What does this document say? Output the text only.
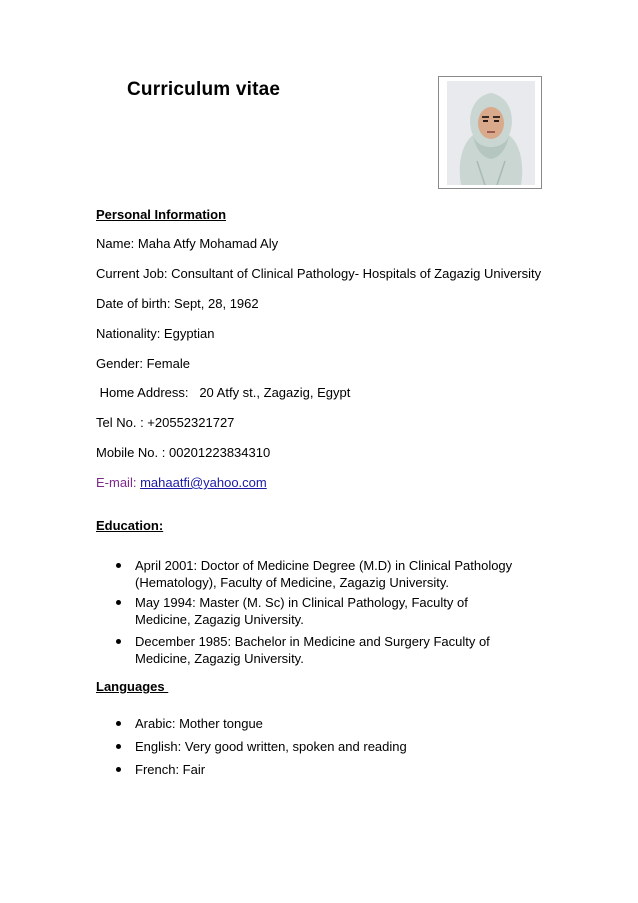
Curriculum vitae
Personal Information
Name: Maha Atfy Mohamad Aly
Current Job: Consultant of Clinical Pathology- Hospitals of Zagazig University
Date of birth: Sept, 28, 1962
Nationality: Egyptian
Gender: Female
Home Address:   20 Atfy st., Zagazig, Egypt
Tel No. : +20552321727
Mobile No. : 00201223834310
E-mail: mahaatfi@yahoo.com
Education:
April 2001: Doctor of Medicine Degree (M.D) in Clinical Pathology (Hematology), Faculty of Medicine, Zagazig University.
May 1994: Master (M. Sc) in Clinical Pathology, Faculty of Medicine, Zagazig University.
December 1985: Bachelor in Medicine and Surgery Faculty of Medicine, Zagazig University.
Languages
Arabic: Mother tongue
English: Very good written, spoken and reading
French: Fair
